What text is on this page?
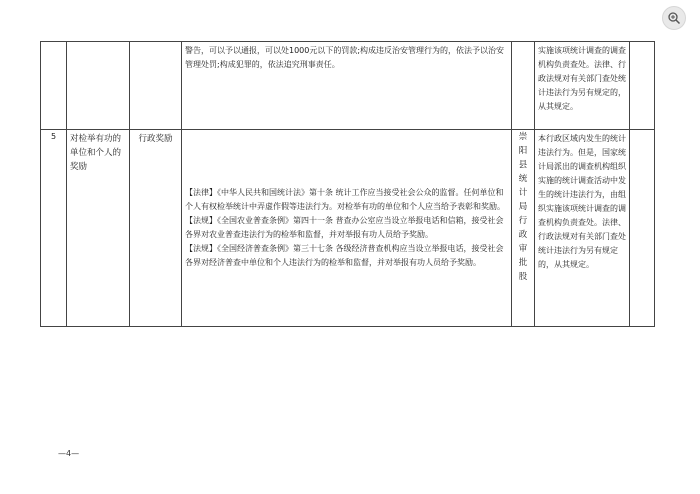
			警告，可以予以通报，可以处1000元以下的罚款;构成违反治安管理行为的，依法予以治安管理处罚;构成犯罪的，依法追究刑事责任。		实施该项统计调查的调查机构负责查处。法律、行政法规对有关部门查处统计违法行为另有规定的，从其规定。	

5	对检举有功的单位和个人的奖励	行政奖励	【法律】《中华人民共和国统计法》第十条 统计工作应当接受社会公众的监督。任何单位和个人有权检举统计中弄虚作假等违法行为。对检举有功的单位和个人应当给予表彰和奖励。

【法规】《全国农业普查条例》第四十一条 普查办公室应当设立举报电话和信箱，接受社会各界对农业普查违法行为的检举和监督，并对举报有功人员给予奖励。

【法规】《全国经济普查条例》第三十七条 各级经济普查机构应当设立举报电话，接受社会各界对经济普查中单位和个人违法行为的检举和监督，并对举报有功人员给予奖励。	崇阳县统计局行政审批股	本行政区域内发生的统计违法行为。但是，国家统计局派出的调查机构组织实施的统计调查活动中发生的统计违法行为，由组织实施该项统计调查的调查机构负责查处。法律、行政法规对有关部门查处统计违法行为另有规定的，从其规定。	

—4—
